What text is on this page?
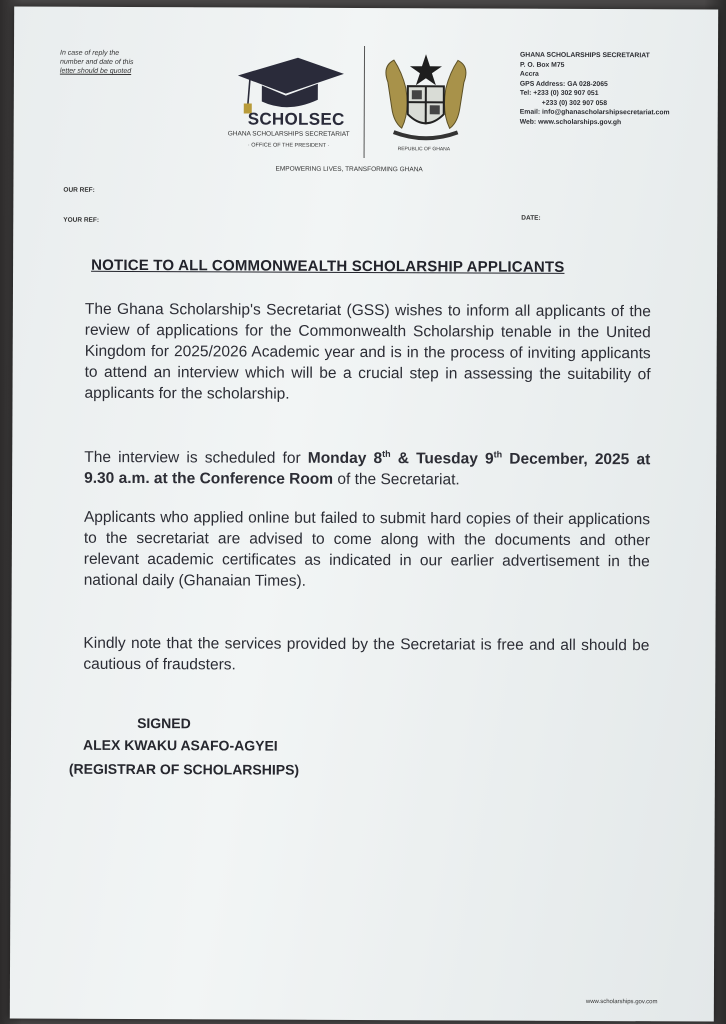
In case of reply the
number and date of this
letter should be quoted
SCHOLSEC
GHANA SCHOLARSHIPS SECRETARIAT
· OFFICE OF THE PRESIDENT ·
REPUBLIC OF GHANA
GHANA SCHOLARSHIPS SECRETARIAT
P. O. Box M75
Accra
GPS Address: GA 028-2065
Tel: +233 (0) 302 907 051
+233 (0) 302 907 058
Email: info@ghanascholarshipsecretariat.com
Web: www.scholarships.gov.gh
EMPOWERING LIVES, TRANSFORMING GHANA
OUR REF:
YOUR REF:	DATE:
NOTICE TO ALL COMMONWEALTH SCHOLARSHIP APPLICANTS
The Ghana Scholarship's Secretariat (GSS) wishes to inform all applicants of the review of applications for the Commonwealth Scholarship tenable in the United Kingdom for 2025/2026 Academic year and is in the process of inviting applicants to attend an interview which will be a crucial step in assessing the suitability of applicants for the scholarship.
The interview is scheduled for Monday 8th & Tuesday 9th December, 2025 at 9.30 a.m. at the Conference Room of the Secretariat.
Applicants who applied online but failed to submit hard copies of their applications to the secretariat are advised to come along with the documents and other relevant academic certificates as indicated in our earlier advertisement in the national daily (Ghanaian Times).
Kindly note that the services provided by the Secretariat is free and all should be cautious of fraudsters.
SIGNED
ALEX KWAKU ASAFO-AGYEI
(REGISTRAR OF SCHOLARSHIPS)
www.scholarships.gov.com
